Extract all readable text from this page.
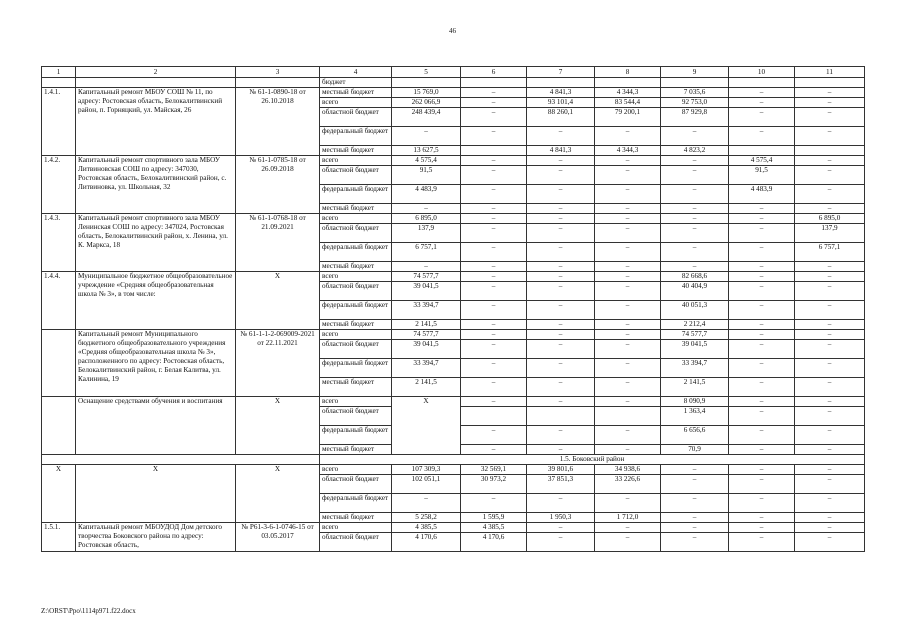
46
1	2	3	4	5	6	7	8	9	10	11
			бюджет							
1.4.1.	Капитальный ремонт МБОУ СОШ № 11, по адресу: Ростовская область, Белокалитвинский район, п. Горняцкий, ул. Майская, 26	№ 61-1-0890-18 от 26.10.2018	местный бюджет	15 769,0	–	4 841,3	4 344,3	7 035,6	–	–
			всего	262 066,9	–	93 101,4	83 544,4	92 753,0	–	–
			областной бюджет	248 439,4	–	88 260,1	79 200,1	87 929,8	–	–
			федеральный бюджет	–	–	–	–	–	–	–
			местный бюджет	13 627,5		4 841,3	4 344,3	4 823,2		
1.4.2.	Капитальный ремонт спортивного зала МБОУ Литвиновская СОШ по адресу: 347030, Ростовская область, Белокалитвинский район, с. Литвиновка, ул. Школьная, 32	№ 61-1-0785-18 от 26.09.2018	всего	4 575,4	–	–	–	–	4 575,4	–
			областной бюджет	91,5	–	–	–	–	91,5	–
			федеральный бюджет	4 483,9	–	–	–	–	4 483,9	–
			местный бюджет	–	–	–	–	–	–	–
1.4.3.	Капитальный ремонт спортивного зала МБОУ Ленинская СОШ по адресу: 347024, Ростовская область, Белокалитвинский район, х. Ленина, ул. К. Маркса, 18	№ 61-1-0768-18 от 21.09.2021	всего	6 895,0	–	–	–	–	–	6 895,0
			областной бюджет	137,9	–	–	–	–	–	137,9
			федеральный бюджет	6 757,1	–	–	–	–	–	6 757,1
			местный бюджет	–	–	–	–	–	–	–
1.4.4.	Муниципальное бюджетное общеобразовательное учреждение «Средняя общеобразовательная школа № 3», в том числе:	Х	всего	74 577,7	–	–	–	82 668,6	–	–
			областной бюджет	39 041,5	–	–	–	40 404,9	–	–
			федеральный бюджет	33 394,7	–	–	–	40 051,3	–	–
			местный бюджет	2 141,5	–	–	–	2 212,4	–	–
	Капитальный ремонт Муниципального бюджетного общеобразовательного учреждения «Средняя общеобразовательная школа № 3», расположенного по адресу: Ростовская область, Белокалитвинский район, г. Белая Калитва, ул. Калинина, 19	№ 61-1-1-2-069009-2021 от 22.11.2021	всего	74 577,7	–	–	–	74 577,7	–	–
			областной бюджет	39 041,5	–	–	–	39 041,5	–	–
			федеральный бюджет	33 394,7	–	–	–	33 394,7	–	–
			местный бюджет	2 141,5	–	–	–	2 141,5	–	–
	Оснащение средствами обучения и воспитания	Х	всего	Х	–	–	–	8 090,9	–	–
			областной бюджет					1 363,4	–	–
			федеральный бюджет		–	–	–	6 656,6	–	–
			местный бюджет		–	–	–	70,9	–	–
			1.5. Боковский район							
Х	Х	Х	всего	107 309,3	32 569,1	39 801,6	34 938,6	–	–	–
			областной бюджет	102 051,1	30 973,2	37 851,3	33 226,6	–	–	–
			федеральный бюджет	–	–	–	–	–	–	–
			местный бюджет	5 258,2	1 595,9	1 950,3	1 712,0	–	–	–
1.5.1.	Капитальный ремонт МБОУДОД Дом детского творчества Боковского района по адресу: Ростовская область,	№ Р61-3-6-1-0746-15 от 03.05.2017	всего	4 385,5	4 385,5	–	–	–	–	–
			областной бюджет	4 170,6	4 170,6	–	–	–	–	–
Z:\ORST\Ppo\1114p971.f22.docx
